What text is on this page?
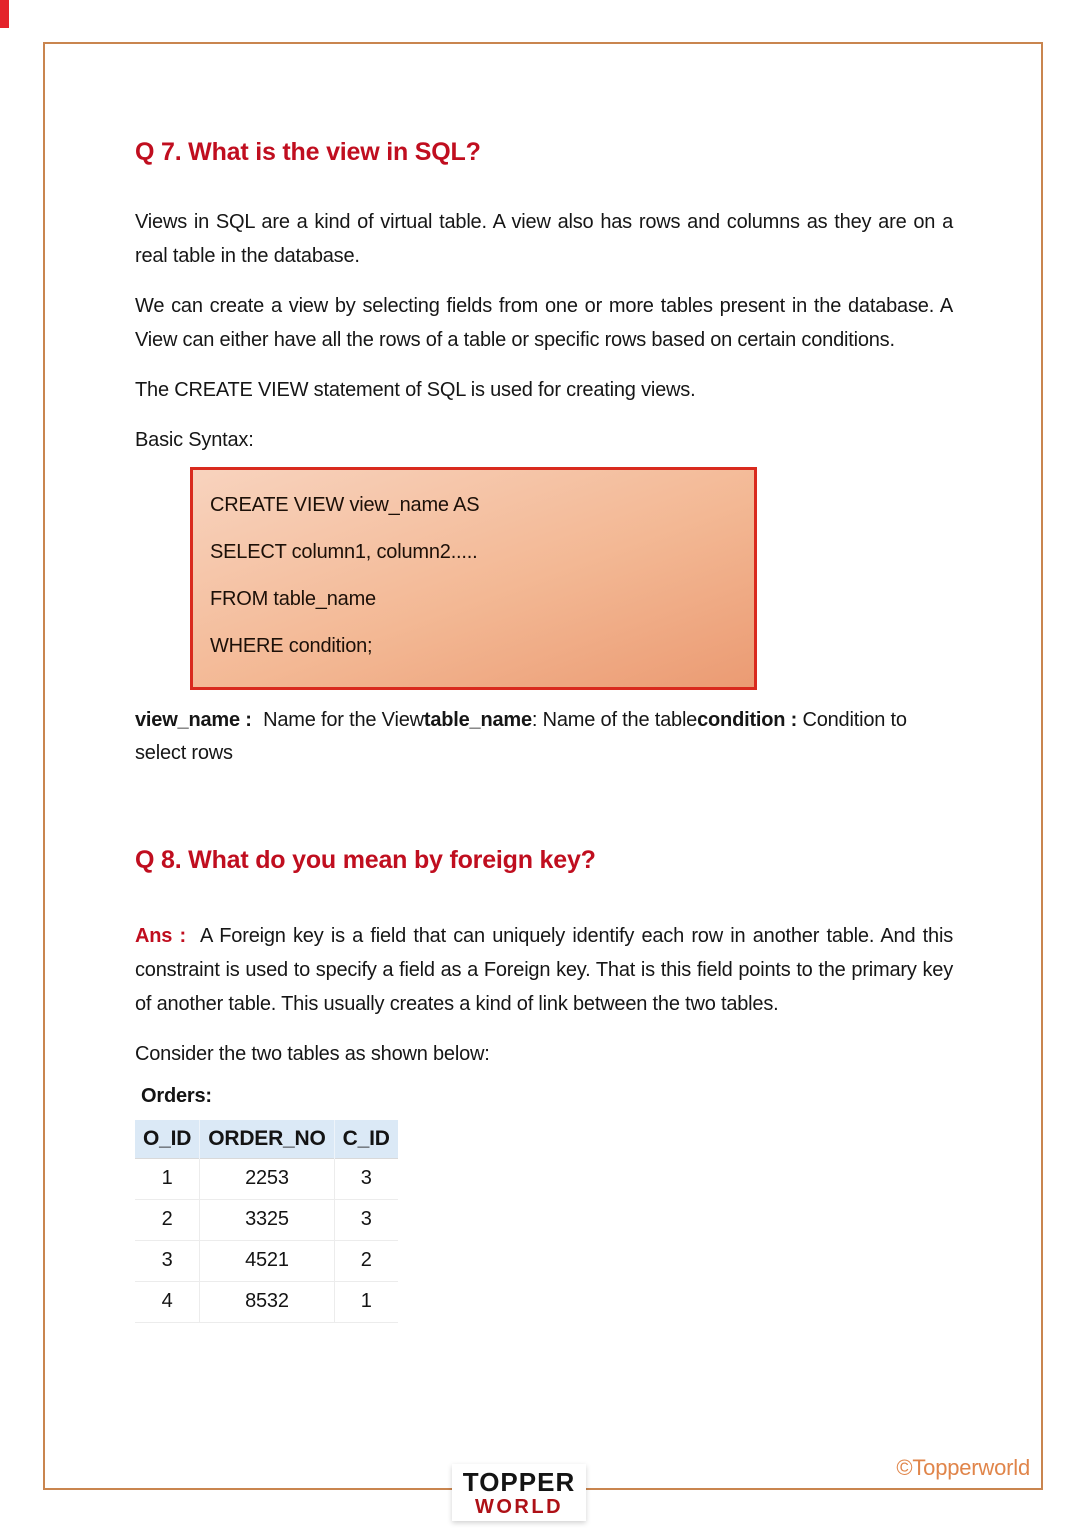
Q 7. What is the view in SQL?

Views in SQL are a kind of virtual table. A view also has rows and columns as they are on a real table in the database.

We can create a view by selecting fields from one or more tables present in the database. A View can either have all the rows of a table or specific rows based on certain conditions.

The CREATE VIEW statement of SQL is used for creating views.

Basic Syntax:

CREATE VIEW view_name AS
SELECT column1, column2.....
FROM table_name
WHERE condition;

view_name : Name for the Viewtable_name: Name of the tablecondition : Condition to select rows

Q 8. What do you mean by foreign key?

Ans : A Foreign key is a field that can uniquely identify each row in another table. And this constraint is used to specify a field as a Foreign key. That is this field points to the primary key of another table. This usually creates a kind of link between the two tables.

Consider the two tables as shown below:

Orders:
O_ID	ORDER_NO	C_ID
1	2253	3
2	3325	3
3	4521	2
4	8532	1
TOPPER
WORLD
©Topperworld
